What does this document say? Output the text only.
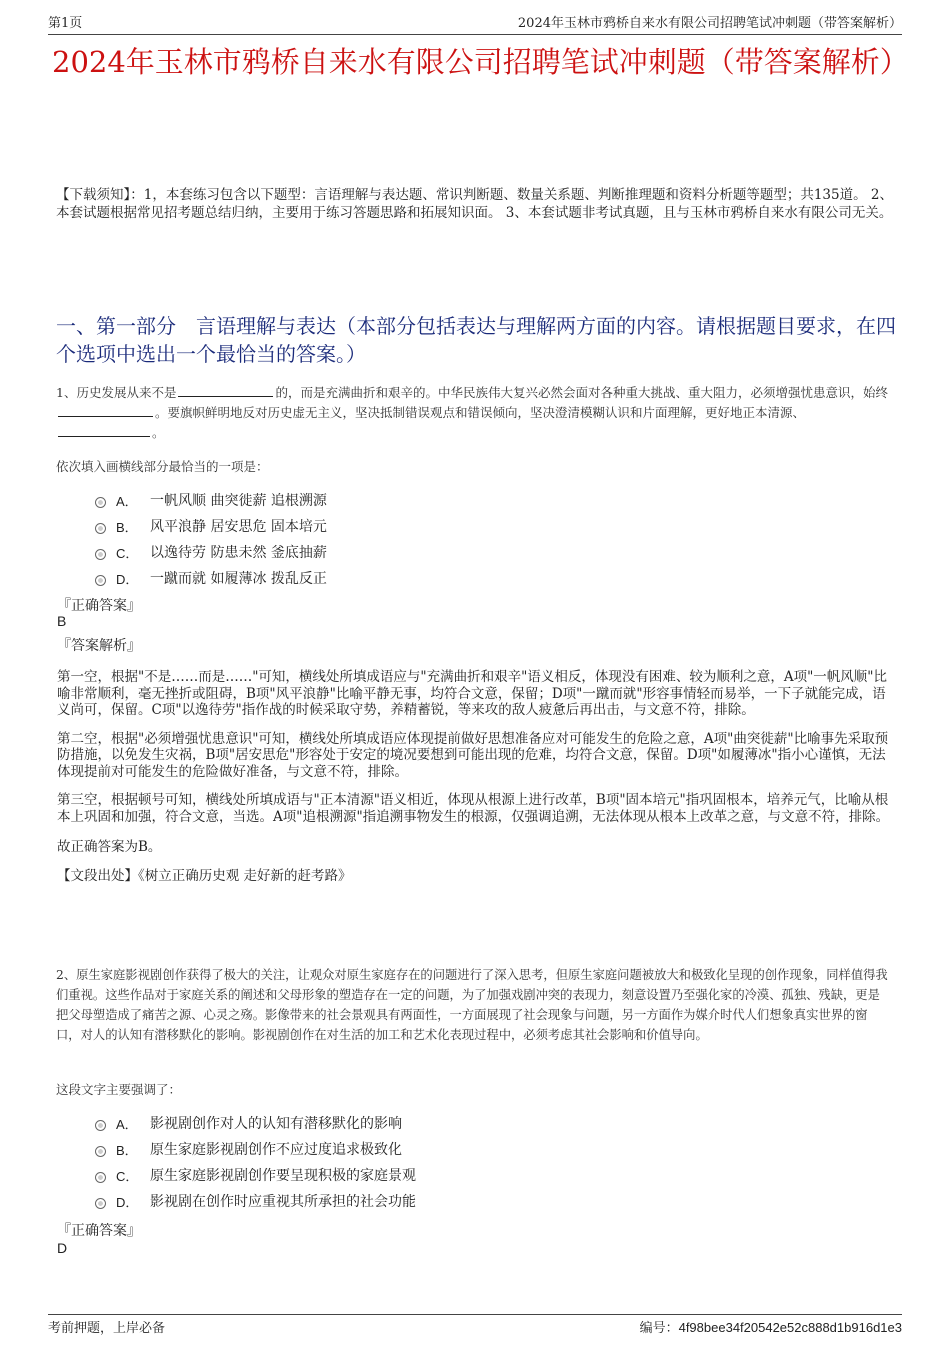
第1页	2024年玉林市鸦桥自来水有限公司招聘笔试冲刺题（带答案解析）
2024年玉林市鸦桥自来水有限公司招聘笔试冲刺题（带答案解析）
【下载须知】：1，本套练习包含以下题型：言语理解与表达题、常识判断题、数量关系题、判断推理题和资料分析题等题型；共135道。 2、本套试题根据常见招考题总结归纳，主要用于练习答题思路和拓展知识面。 3、本套试题非考试真题，且与玉林市鸦桥自来水有限公司无关。
一、第一部分　言语理解与表达（本部分包括表达与理解两方面的内容。请根据题目要求，在四个选项中选出一个最恰当的答案。）
1、历史发展从来不是	的，而是充满曲折和艰辛的。中华民族伟大复兴必然会面对各种重大挑战、重大阻力，必须增强忧患意识，始终。要旗帜鲜明地反对历史虚无主义，坚决抵制错误观点和错误倾向，坚决澄清模糊认识和片面理解，更好地正本清源、。
依次填入画横线部分最恰当的一项是：
A． 一帆风顺 曲突徙薪 追根溯源
B． 风平浪静 居安思危 固本培元
C． 以逸待劳 防患未然 釜底抽薪
D． 一蹴而就 如履薄冰 拨乱反正
『正确答案』
B
『答案解析』

第一空，根据"不是……而是……"可知，横线处所填成语应与"充满曲折和艰辛"语义相反，体现没有困难、较为顺利之意，A项"一帆风顺"比喻非常顺利，毫无挫折或阻碍，B项"风平浪静"比喻平静无事，均符合文意，保留；D项"一蹴而就"形容事情轻而易举，一下子就能完成，语义尚可，保留。C项"以逸待劳"指作战的时候采取守势，养精蓄锐，等来攻的敌人疲惫后再出击，与文意不符，排除。

第二空，根据"必须增强忧患意识"可知，横线处所填成语应体现提前做好思想准备应对可能发生的危险之意，A项"曲突徙薪"比喻事先采取预防措施，以免发生灾祸，B项"居安思危"形容处于安定的境况要想到可能出现的危难，均符合文意，保留。D项"如履薄冰"指小心谨慎，无法体现提前对可能发生的危险做好准备，与文意不符，排除。

第三空，根据顿号可知，横线处所填成语与"正本清源"语义相近，体现从根源上进行改革，B项"固本培元"指巩固根本，培养元气，比喻从根本上巩固和加强，符合文意，当选。A项"追根溯源"指追溯事物发生的根源，仅强调追溯，无法体现从根本上改革之意，与文意不符，排除。

故正确答案为B。

【文段出处】《树立正确历史观 走好新的赶考路》

2、原生家庭影视剧创作获得了极大的关注，让观众对原生家庭存在的问题进行了深入思考，但原生家庭问题被放大和极致化呈现的创作现象，同样值得我们重视。这些作品对于家庭关系的阐述和父母形象的塑造存在一定的问题，为了加强戏剧冲突的表现力，刻意设置乃至强化家的冷漠、孤独、残缺，更是把父母塑造成了痛苦之源、心灵之殇。影像带来的社会景观具有两面性，一方面展现了社会现象与问题，另一方面作为媒介时代人们想象真实世界的窗口，对人的认知有潜移默化的影响。影视剧创作在对生活的加工和艺术化表现过程中，必须考虑其社会影响和价值导向。
这段文字主要强调了：
A． 影视剧创作对人的认知有潜移默化的影响
B． 原生家庭影视剧创作不应过度追求极致化
C． 原生家庭影视剧创作要呈现积极的家庭景观
D． 影视剧在创作时应重视其所承担的社会功能
『正确答案』
D
考前押题，上岸必备	编号：4f98bee34f20542e52c888d1b916d1e3
